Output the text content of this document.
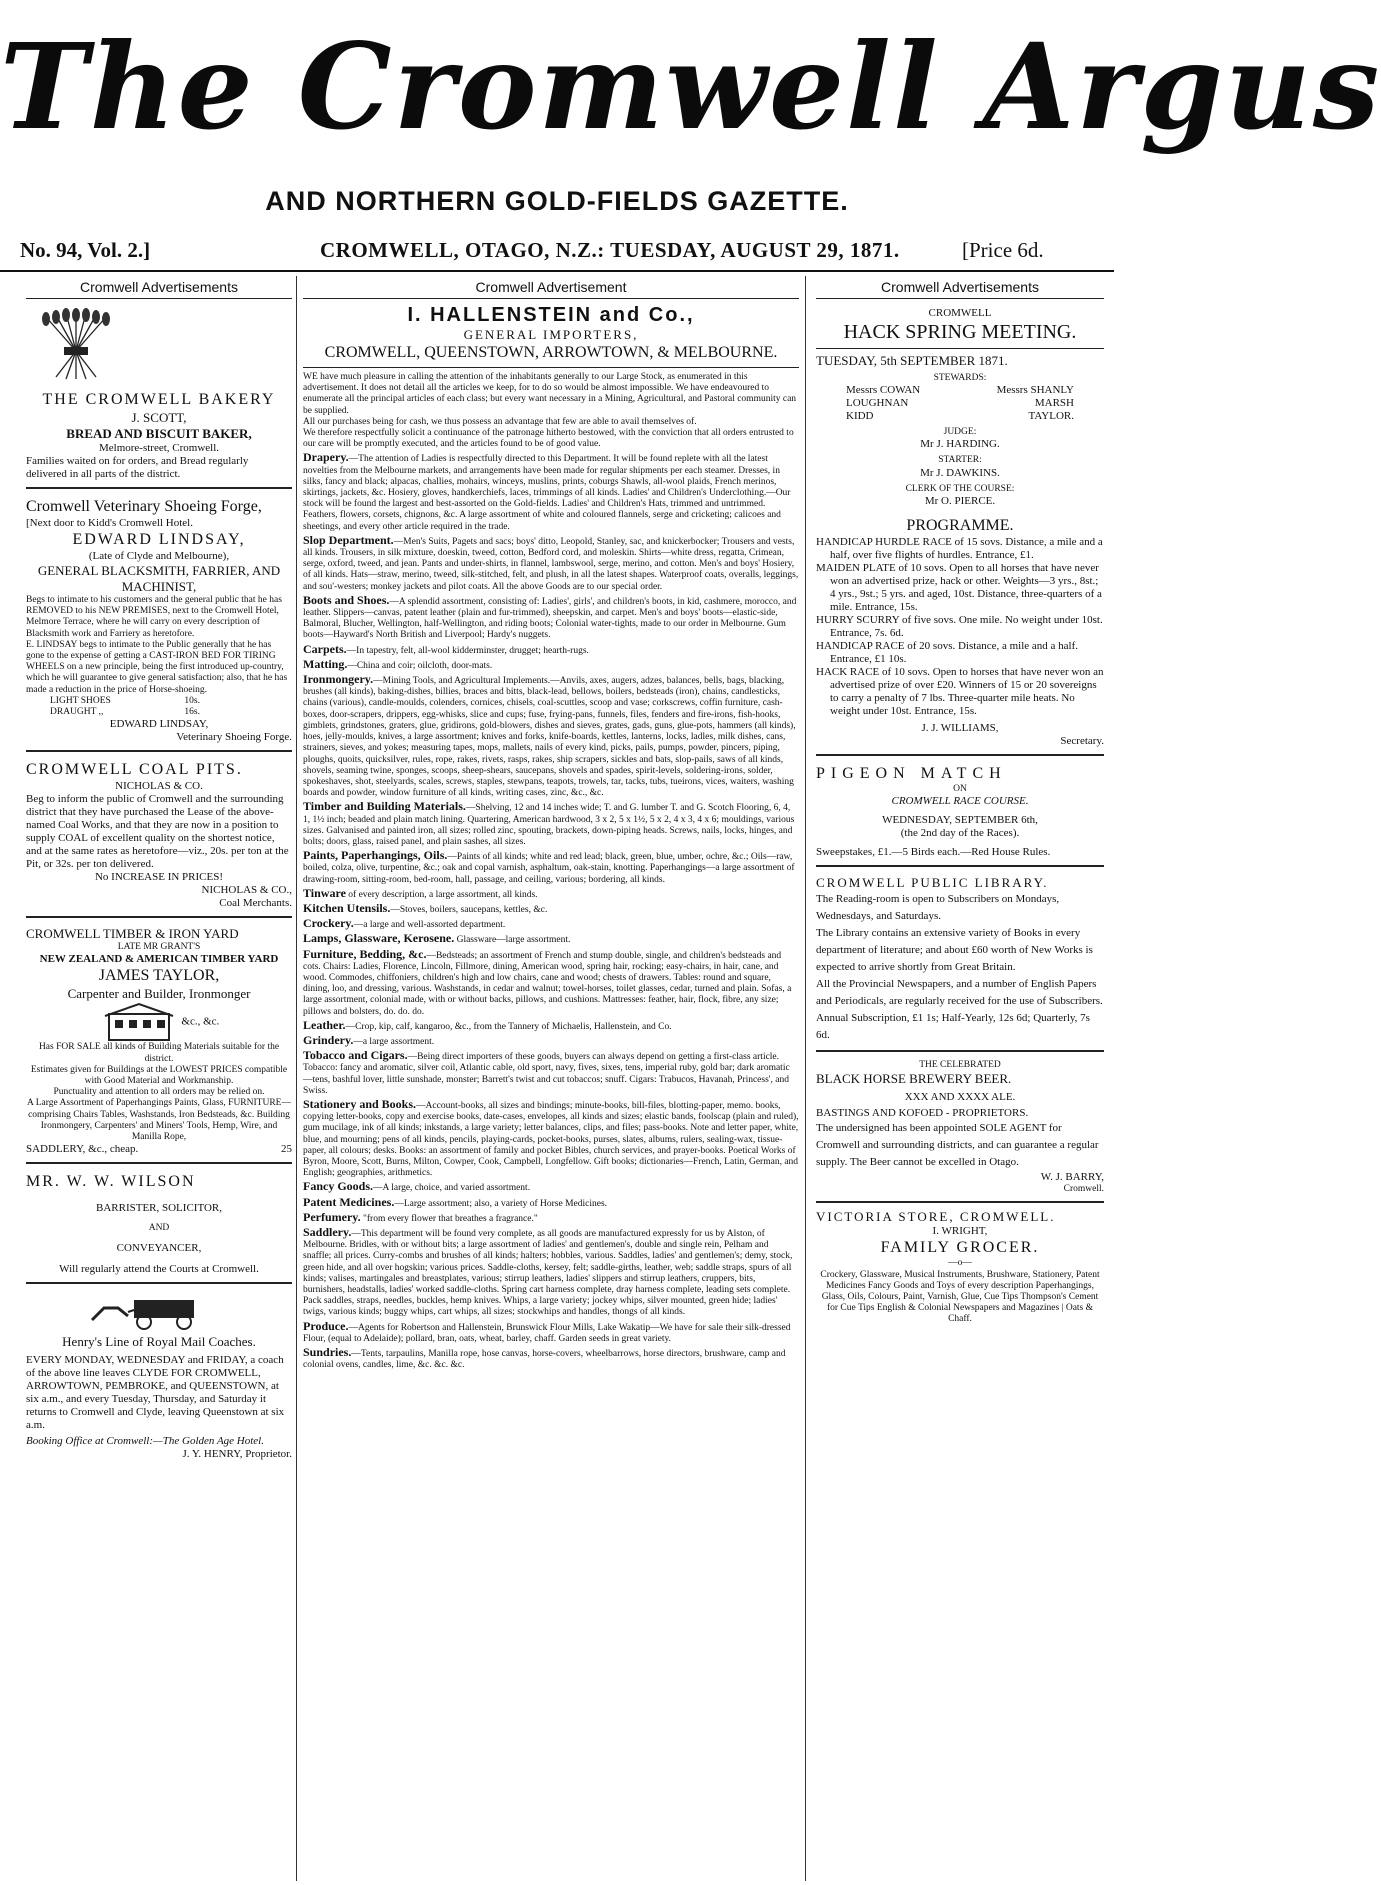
The Cromwell Argus
AND NORTHERN GOLD-FIELDS GAZETTE.
No. 94, Vol. 2.]	CROMWELL, OTAGO, N.Z.: TUESDAY, AUGUST 29, 1871.	[Price 6d.
Cromwell Advertisements
THE CROMWELL BAKERY
J. SCOTT,
BREAD AND BISCUIT BAKER,
Melmore-street, Cromwell.
Families waited on for orders, and Bread regularly delivered in all parts of the district.
Cromwell Veterinary Shoeing Forge,
[Next door to Kidd's Cromwell Hotel.
EDWARD LINDSAY,
(Late of Clyde and Melbourne),
GENERAL BLACKSMITH, FARRIER, AND MACHINIST,
Begs to intimate to his customers and the general public that he has REMOVED to his NEW PREMISES, next to the Cromwell Hotel, Melmore Terrace, where he will carry on every description of Blacksmith work and Farriery as heretofore.
E. LINDSAY begs to intimate to the Public generally that he has gone to the expense of getting a CAST-IRON BED FOR TIRING WHEELS on a new principle, being the first introduced up-country, which he will guarantee to give general satisfaction; also, that he has made a reduction in the price of Horse-shoeing.
LIGHT SHOES	10s.
DRAUGHT ,,	16s.
EDWARD LINDSAY,
Veterinary Shoeing Forge.
CROMWELL COAL PITS.
NICHOLAS & CO.
Beg to inform the public of Cromwell and the surrounding district that they have purchased the Lease of the above-named Coal Works, and that they are now in a position to supply COAL of excellent quality on the shortest notice, and at the same rates as heretofore—viz., 20s. per ton at the Pit, or 32s. per ton delivered.
No INCREASE IN PRICES!
NICHOLAS & CO.,
Coal Merchants.
CROMWELL TIMBER & IRON YARD
LATE MR GRANT'S
NEW ZEALAND & AMERICAN TIMBER YARD
JAMES TAYLOR,
Carpenter and Builder, Ironmonger
&c., &c.
Has FOR SALE all kinds of Building Materials suitable for the district.
Estimates given for Buildings at the LOWEST PRICES compatible with Good Material and Workmanship.
Punctuality and attention to all orders may be relied on.
A Large Assortment of Paperhangings Paints, Glass, FURNITURE—comprising Chairs Tables, Washstands, Iron Bedsteads, &c. Building Ironmongery, Carpenters' and Miners' Tools, Hemp, Wire, and Manilla Rope,
SADDLERY, &c., cheap.	25
MR. W. W. WILSON
BARRISTER, SOLICITOR,
AND
CONVEYANCER,
Will regularly attend the Courts at Cromwell.
Henry's Line of Royal Mail Coaches.
EVERY MONDAY, WEDNESDAY and FRIDAY, a coach of the above line leaves CLYDE FOR CROMWELL, ARROWTOWN, PEMBROKE, and QUEENSTOWN, at six a.m., and every Tuesday, Thursday, and Saturday it returns to Cromwell and Clyde, leaving Queenstown at six a.m.
Booking Office at Cromwell:—The Golden Age Hotel.
J. Y. HENRY, Proprietor.
Cromwell Advertisement
I. HALLENSTEIN and Co.,
GENERAL IMPORTERS,
CROMWELL, QUEENSTOWN, ARROWTOWN, & MELBOURNE.
WE have much pleasure in calling the attention of the inhabitants generally to our Large Stock, as enumerated in this advertisement. It does not detail all the articles we keep, for to do so would be almost impossible. We have endeavoured to enumerate all the principal articles of each class; but every want necessary in a Mining, Agricultural, and Pastoral community can be supplied.
All our purchases being for cash, we thus possess an advantage that few are able to avail themselves of.
We therefore respectfully solicit a continuance of the patronage hitherto bestowed, with the conviction that all orders entrusted to our care will be promptly executed, and the articles found to be of good value.
Drapery.—The attention of Ladies is respectfully directed to this Department. It will be found replete with all the latest novelties from the Melbourne markets, and arrangements have been made for regular shipments per each steamer. Dresses, in silks, fancy and black; alpacas, challies, mohairs, winceys, muslins, prints, coburgs Shawls, all-wool plaids, French merinos, skirtings, jackets, &c. Hosiery, gloves, handkerchiefs, laces, trimmings of all kinds. Ladies' and Children's Underclothing.—Our stock will be found the largest and best-assorted on the Gold-fields. Ladies' and Children's Hats, trimmed and untrimmed. Feathers, flowers, corsets, chignons, &c. A large assortment of white and coloured flannels, serge and cricketing; calicoes and sheetings, and every other article required in the trade.
Slop Department.—Men's Suits, Pagets and sacs; boys' ditto, Leopold, Stanley, sac, and knickerbocker; Trousers and vests, all kinds. Trousers, in silk mixture, doeskin, tweed, cotton, Bedford cord, and moleskin. Shirts—white dress, regatta, Crimean, serge, oxford, tweed, and jean. Pants and under-shirts, in flannel, lambswool, serge, merino, and cotton. Men's and boys' Hosiery, of all kinds. Hats—straw, merino, tweed, silk-stitched, felt, and plush, in all the latest shapes. Waterproof coats, overalls, leggings, and sou'-westers; monkey jackets and pilot coats. All the above Goods are to our special order.
Boots and Shoes.—A splendid assortment, consisting of: Ladies', girls', and children's boots, in kid, cashmere, morocco, and leather. Slippers—canvas, patent leather (plain and fur-trimmed), sheepskin, and carpet. Men's and boys' boots—elastic-side, Balmoral, Blucher, Wellington, half-Wellington, and riding boots; Colonial water-tights, made to our order in Melbourne. Gum boots—Hayward's North British and Liverpool; Hardy's nuggets.
Carpets.—In tapestry, felt, all-wool kidderminster, drugget; hearth-rugs.
Matting.—China and coir; oilcloth, door-mats.
Ironmongery.—Mining Tools, and Agricultural Implements.—Anvils, axes, augers, adzes, balances, bells, bags, blacking, brushes (all kinds), baking-dishes, billies, braces and bitts, black-lead, bellows, boilers, bedsteads (iron), chains, candlesticks, chains (various), candle-moulds, colenders, cornices, chisels, coal-scuttles, scoop and vase; corkscrews, coffin furniture, cash-boxes, door-scrapers, drippers, egg-whisks, slice and cups; fuse, frying-pans, funnels, files, fenders and fire-irons, fish-hooks, gimblets, grindstones, graters, glue, gridirons, gold-blowers, dishes and sieves, grates, gads, guns, glue-pots, hammers (all kinds), hoes, jelly-moulds, knives, a large assortment; knives and forks, knife-boards, kettles, lanterns, locks, ladles, milk dishes, cans, strainers, sieves, and yokes; measuring tapes, mops, mallets, nails of every kind, picks, pails, pumps, powder, pincers, piping, ploughs, quoits, quicksilver, rules, rope, rakes, rivets, rasps, rakes, ship scrapers, sickles and bats, slop-pails, saws of all kinds, shovels, seaming twine, sponges, scoops, sheep-shears, saucepans, shovels and spades, spirit-levels, soldering-irons, solder, spokeshaves, shot, steelyards, scales, screws, staples, stewpans, teapots, trowels, tar, tacks, tubs, tueirons, vices, waiters, washing boards and powder, window furniture of all kinds, writing cases, zinc, &c., &c.
Timber and Building Materials.—Shelving, 12 and 14 inches wide; T. and G. lumber T. and G. Scotch Flooring, 6, 4, 1, 1½ inch; beaded and plain match lining. Quartering, American hardwood, 3 x 2, 5 x 1½, 5 x 2, 4 x 3, 4 x 6; mouldings, various sizes. Galvanised and painted iron, all sizes; rolled zinc, spouting, brackets, down-piping heads. Screws, nails, locks, hinges, and bolts; doors, glass, raised panel, and plain sashes, all sizes.
Paints, Paperhangings, Oils.—Paints of all kinds; white and red lead; black, green, blue, umber, ochre, &c.; Oils—raw, boiled, colza, olive, turpentine, &c.; oak and copal varnish, asphaltum, oak-stain, knotting. Paperhangings—a large assortment of drawing-room, sitting-room, bed-room, hall, passage, and ceiling, various; bordering, all kinds.
Tinware of every description, a large assortment, all kinds.
Kitchen Utensils.—Stoves, boilers, saucepans, kettles, &c.
Crockery.—a large and well-assorted department.
Lamps, Glassware, Kerosene. Glassware—large assortment.
Furniture, Bedding, &c.—Bedsteads; an assortment of French and stump double, single, and children's bedsteads and cots. Chairs: Ladies, Florence, Lincoln, Fillmore, dining, American wood, spring hair, rocking; easy-chairs, in hair, cane, and wood. Commodes, chiffoniers, children's high and low chairs, cane and wood; chests of drawers. Tables: round and square, dining, loo, and dressing, various. Washstands, in cedar and walnut; towel-horses, toilet glasses, cedar, turned and plain. Sofas, a large assortment, colonial made, with or without backs, pillows, and cushions. Mattresses: feather, hair, flock, fibre, any size; pillows and bolsters, do. do. do.
Leather.—Crop, kip, calf, kangaroo, &c., from the Tannery of Michaelis, Hallenstein, and Co.
Grindery.—a large assortment.
Tobacco and Cigars.—Being direct importers of these goods, buyers can always depend on getting a first-class article. Tobacco: fancy and aromatic, silver coil, Atlantic cable, old sport, navy, fives, sixes, tens, imperial ruby, gold bar; dark aromatic—tens, bashful lover, little sunshade, monster; Barrett's twist and cut tobaccos; snuff. Cigars: Trabucos, Havanah, Princess', and Swiss.
Stationery and Books.—Account-books, all sizes and bindings; minute-books, bill-files, blotting-paper, memo. books, copying letter-books, copy and exercise books, date-cases, envelopes, all kinds and sizes; elastic bands, foolscap (plain and ruled), gum mucilage, ink of all kinds; inkstands, a large variety; letter balances, clips, and files; pass-books. Note and letter paper, white, blue, and mourning; pens of all kinds, pencils, playing-cards, pocket-books, purses, slates, albums, rulers, sealing-wax, tissue-paper, all colours; desks. Books: an assortment of family and pocket Bibles, church services, and prayer-books. Poetical Works of Byron, Moore, Scott, Burns, Milton, Cowper, Cook, Campbell, Longfellow. Gift books; dictionaries—French, Latin, German, and English; geographies, arithmetics.
Fancy Goods.—A large, choice, and varied assortment.
Patent Medicines.—Large assortment; also, a variety of Horse Medicines.
Perfumery. "from every flower that breathes a fragrance."
Saddlery.—This department will be found very complete, as all goods are manufactured expressly for us by Alston, of Melbourne. Bridles, with or without bits; a large assortment of ladies' and gentlemen's, double and single rein, Pelham and snaffle; all prices. Curry-combs and brushes of all kinds; halters; hobbles, various. Saddles, ladies' and gentlemen's; demy, stock, green hide, and all over hogskin; various prices. Saddle-cloths, kersey, felt; saddle-girths, leather, web; saddle straps, spurs of all kinds; valises, martingales and breastplates, various; stirrup leathers, ladies' slippers and stirrup leathers, cruppers, bits, burnishers, headstalls, ladies' worked saddle-cloths. Spring cart harness complete, dray harness complete, leading sets complete. Pack saddles, straps, needles, buckles, hemp knives. Whips, a large variety; jockey whips, silver mounted, green hide; ladies' twigs, various kinds; buggy whips, cart whips, all sizes; stockwhips and handles, thongs of all kinds.
Produce.—Agents for Robertson and Hallenstein, Brunswick Flour Mills, Lake Wakatip—We have for sale their silk-dressed Flour, (equal to Adelaide); pollard, bran, oats, wheat, barley, chaff. Garden seeds in great variety.
Sundries.—Tents, tarpaulins, Manilla rope, hose canvas, horse-covers, wheelbarrows, horse directors, brushware, camp and colonial ovens, candles, lime, &c. &c. &c.
Cromwell Advertisements
CROMWELL
HACK SPRING MEETING.
TUESDAY, 5th SEPTEMBER 1871.
STEWARDS:
Messrs COWAN	Messrs SHANLY
LOUGHNAN	MARSH
KIDD	TAYLOR.
JUDGE:
Mr J. HARDING.
STARTER:
Mr J. DAWKINS.
CLERK OF THE COURSE:
Mr O. PIERCE.
PROGRAMME.
HANDICAP HURDLE RACE of 15 sovs. Distance, a mile and a half, over five flights of hurdles. Entrance, £1.
MAIDEN PLATE of 10 sovs. Open to all horses that have never won an advertised prize, hack or other. Weights—3 yrs., 8st.; 4 yrs., 9st.; 5 yrs. and aged, 10st. Distance, three-quarters of a mile. Entrance, 15s.
HURRY SCURRY of five sovs. One mile. No weight under 10st. Entrance, 7s. 6d.
HANDICAP RACE of 20 sovs. Distance, a mile and a half. Entrance, £1 10s.
HACK RACE of 10 sovs. Open to horses that have never won an advertised prize of over £20. Winners of 15 or 20 sovereigns to carry a penalty of 7 lbs. Three-quarter mile heats. No weight under 10st. Entrance, 15s.
J. J. WILLIAMS,
Secretary.
PIGEON MATCH
ON
CROMWELL RACE COURSE.
WEDNESDAY, SEPTEMBER 6th,
(the 2nd day of the Races).
Sweepstakes, £1.—5 Birds each.—Red House Rules.
CROMWELL PUBLIC LIBRARY.
The Reading-room is open to Subscribers on Mondays, Wednesdays, and Saturdays.
The Library contains an extensive variety of Books in every department of literature; and about £60 worth of New Works is expected to arrive shortly from Great Britain.
All the Provincial Newspapers, and a number of English Papers and Periodicals, are regularly received for the use of Subscribers.
Annual Subscription, £1 1s; Half-Yearly, 12s 6d; Quarterly, 7s 6d.
THE CELEBRATED
BLACK HORSE BREWERY BEER.
XXX AND XXXX ALE.
BASTINGS AND KOFOED - PROPRIETORS.
The undersigned has been appointed SOLE AGENT for Cromwell and surrounding districts, and can guarantee a regular supply. The Beer cannot be excelled in Otago.
W. J. BARRY,
Cromwell.
VICTORIA STORE, CROMWELL.
I. WRIGHT,
FAMILY GROCER.
—o—
Crockery, Glassware, Musical Instruments, Brushware, Stationery, Patent Medicines Fancy Goods and Toys of every description Paperhangings, Glass, Oils, Colours, Paint, Varnish, Glue, Cue Tips Thompson's Cement for Cue Tips English & Colonial Newspapers and Magazines | Oats & Chaff.
